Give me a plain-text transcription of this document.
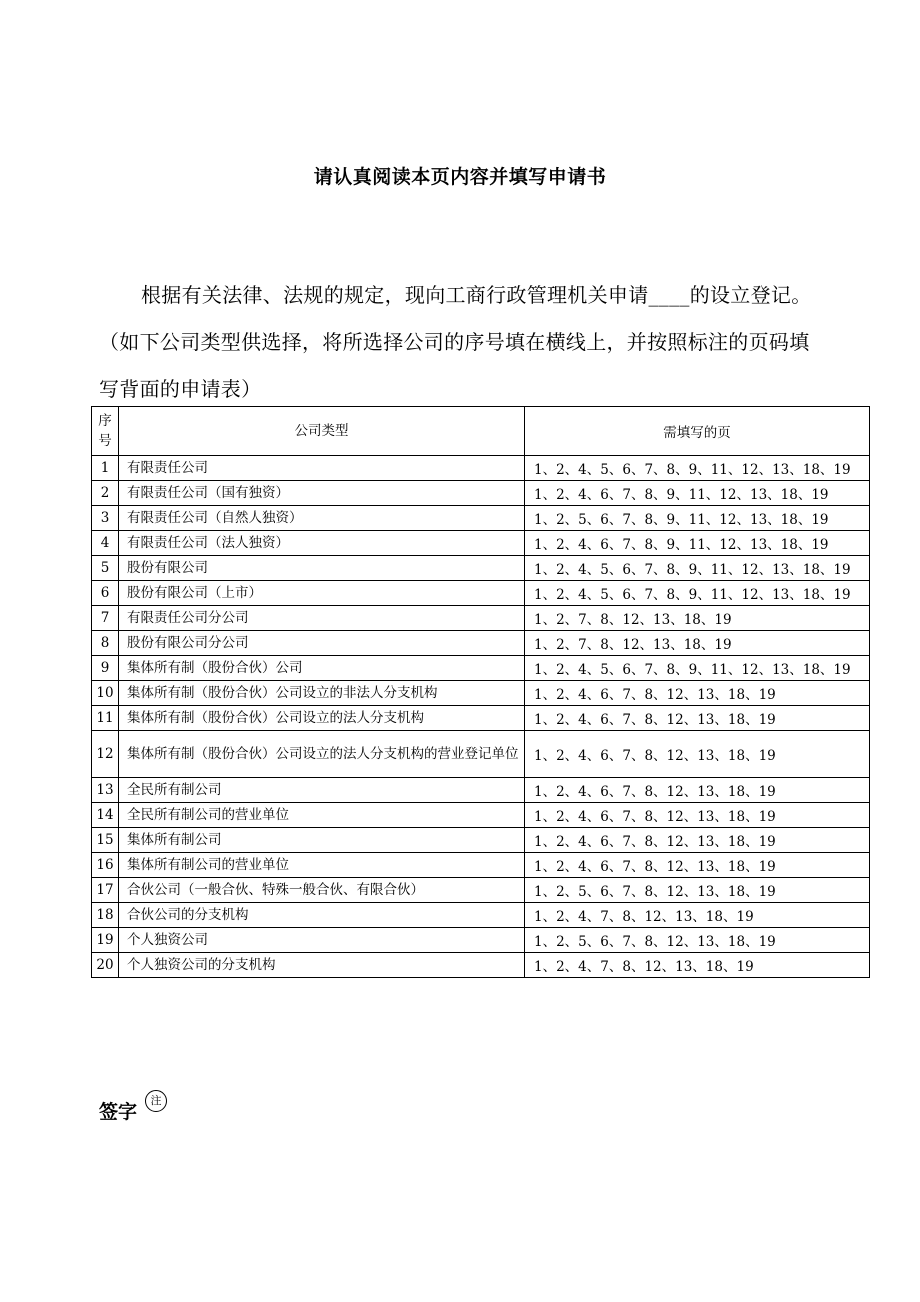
请认真阅读本页内容并填写申请书
根据有关法律、法规的规定，现向工商行政管理机关申请____的设立登记。（如下公司类型供选择，将所选择公司的序号填在横线上，并按照标注的页码填写背面的申请表）
序
号	公司类型	需填写的页
1	有限责任公司	1、2、4、5、6、7、8、9、11、12、13、18、19
2	有限责任公司（国有独资）	1、2、4、6、7、8、9、11、12、13、18、19
3	有限责任公司（自然人独资）	1、2、5、6、7、8、9、11、12、13、18、19
4	有限责任公司（法人独资）	1、2、4、6、7、8、9、11、12、13、18、19
5	股份有限公司	1、2、4、5、6、7、8、9、11、12、13、18、19
6	股份有限公司（上市）	1、2、4、5、6、7、8、9、11、12、13、18、19
7	有限责任公司分公司	1、2、7、8、12、13、18、19
8	股份有限公司分公司	1、2、7、8、12、13、18、19
9	集体所有制（股份合伙）公司	1、2、4、5、6、7、8、9、11、12、13、18、19
10	集体所有制（股份合伙）公司设立的非法人分支机构	1、2、4、6、7、8、12、13、18、19
11	集体所有制（股份合伙）公司设立的法人分支机构	1、2、4、6、7、8、12、13、18、19
12	集体所有制（股份合伙）公司设立的法人分支机构的营业登记单位	1、2、4、6、7、8、12、13、18、19
13	全民所有制公司	1、2、4、6、7、8、12、13、18、19
14	全民所有制公司的营业单位	1、2、4、6、7、8、12、13、18、19
15	集体所有制公司	1、2、4、6、7、8、12、13、18、19
16	集体所有制公司的营业单位	1、2、4、6、7、8、12、13、18、19
17	合伙公司（一般合伙、特殊一般合伙、有限合伙）	1、2、5、6、7、8、12、13、18、19
18	合伙公司的分支机构	1、2、4、7、8、12、13、18、19
19	个人独资公司	1、2、5、6、7、8、12、13、18、19
20	个人独资公司的分支机构	1、2、4、7、8、12、13、18、19
签字
注
